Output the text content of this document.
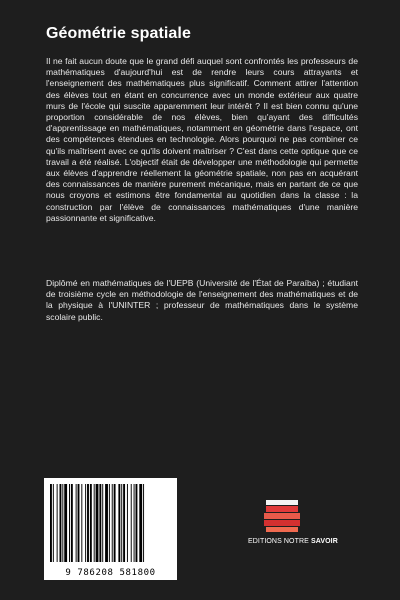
Géométrie spatiale

Il ne fait aucun doute que le grand défi auquel sont confrontés les professeurs de mathématiques d'aujourd'hui est de rendre leurs cours attrayants et l'enseignement des mathématiques plus significatif. Comment attirer l'attention des élèves tout en étant en concurrence avec un monde extérieur aux quatre murs de l'école qui suscite apparemment leur intérêt ? Il est bien connu qu'une proportion considérable de nos élèves, bien qu'ayant des difficultés d'apprentissage en mathématiques, notamment en géométrie dans l'espace, ont des compétences étendues en technologie. Alors pourquoi ne pas combiner ce qu'ils maîtrisent avec ce qu'ils doivent maîtriser ? C'est dans cette optique que ce travail a été réalisé. L'objectif était de développer une méthodologie qui permette aux élèves d'apprendre réellement la géométrie spatiale, non pas en acquérant des connaissances de manière purement mécanique, mais en partant de ce que nous croyons et estimons être fondamental au quotidien dans la classe : la construction par l'élève de connaissances mathématiques d'une manière passionnante et significative.

Diplômé en mathématiques de l'UEPB (Université de l'État de Paraíba) ; étudiant de troisième cycle en méthodologie de l'enseignement des mathématiques et de la physique à l'UNINTER ; professeur de mathématiques dans le système scolaire public.

9 786208 581800
EDITIONS NOTRE SAVOIR
